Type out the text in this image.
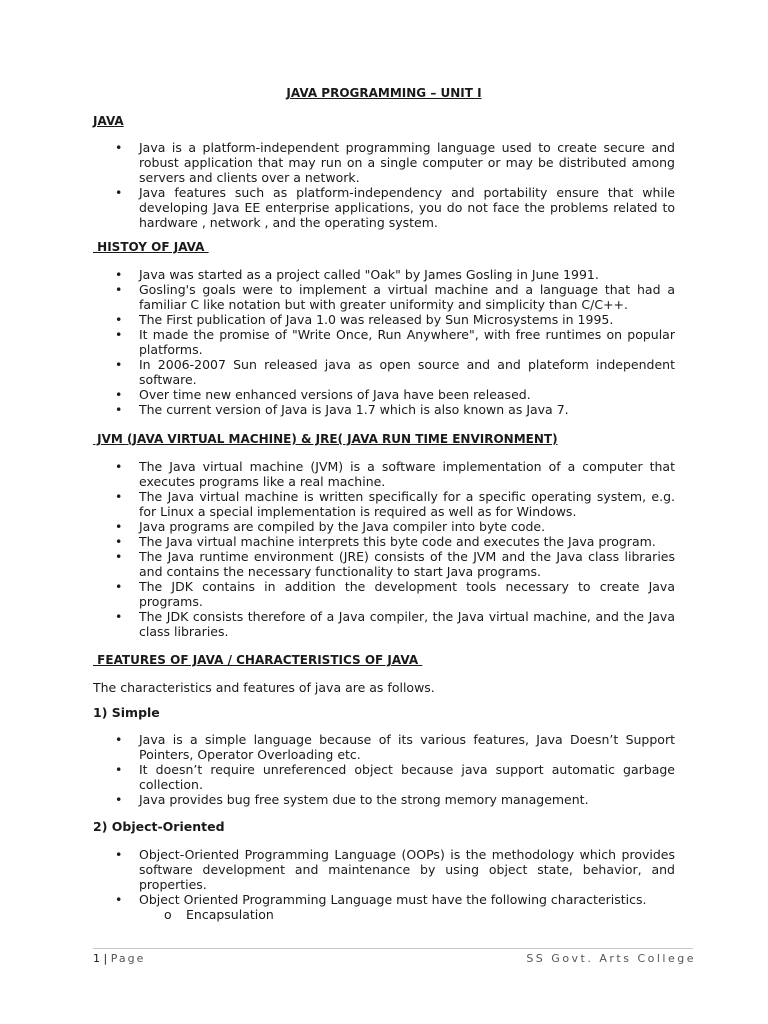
JAVA PROGRAMMING – UNIT I
JAVA
• Java is a platform-independent programming language used to create secure and robust application that may run on a single computer or may be distributed among servers and clients over a network.
• Java features such as platform-independency and portability ensure that while developing Java EE enterprise applications, you do not face the problems related to hardware , network , and the operating system.
HISTOY OF JAVA
• Java was started as a project called "Oak" by James Gosling in June 1991.
• Gosling's goals were to implement a virtual machine and a language that had a familiar C like notation but with greater uniformity and simplicity than C/C++.
• The First publication of Java 1.0 was released by Sun Microsystems in 1995.
• It made the promise of "Write Once, Run Anywhere", with free runtimes on popular platforms.
• In 2006-2007 Sun released java as open source and and plateform independent software.
• Over time new enhanced versions of Java have been released.
• The current version of Java is Java 1.7 which is also known as Java 7.
JVM (JAVA VIRTUAL MACHINE) & JRE( JAVA RUN TIME ENVIRONMENT)
• The Java virtual machine (JVM) is a software implementation of a computer that executes programs like a real machine.
• The Java virtual machine is written specifically for a specific operating system, e.g. for Linux a special implementation is required as well as for Windows.
• Java programs are compiled by the Java compiler into byte code.
• The Java virtual machine interprets this byte code and executes the Java program.
• The Java runtime environment (JRE) consists of the JVM and the Java class libraries and contains the necessary functionality to start Java programs.
• The JDK contains in addition the development tools necessary to create Java programs.
• The JDK consists therefore of a Java compiler, the Java virtual machine, and the Java class libraries.
FEATURES OF JAVA / CHARACTERISTICS OF JAVA
The characteristics and features of java are as follows.
1) Simple
• Java is a simple language because of its various features, Java Doesn’t Support Pointers, Operator Overloading etc.
• It doesn’t require unreferenced object because java support automatic garbage collection.
• Java provides bug free system due to the strong memory management.
2) Object-Oriented
• Object-Oriented Programming Language (OOPs) is the methodology which provides software development and maintenance by using object state, behavior, and properties.
• Object Oriented Programming Language must have the following characteristics.
o Encapsulation
1 | Page	SS Govt. Arts College
